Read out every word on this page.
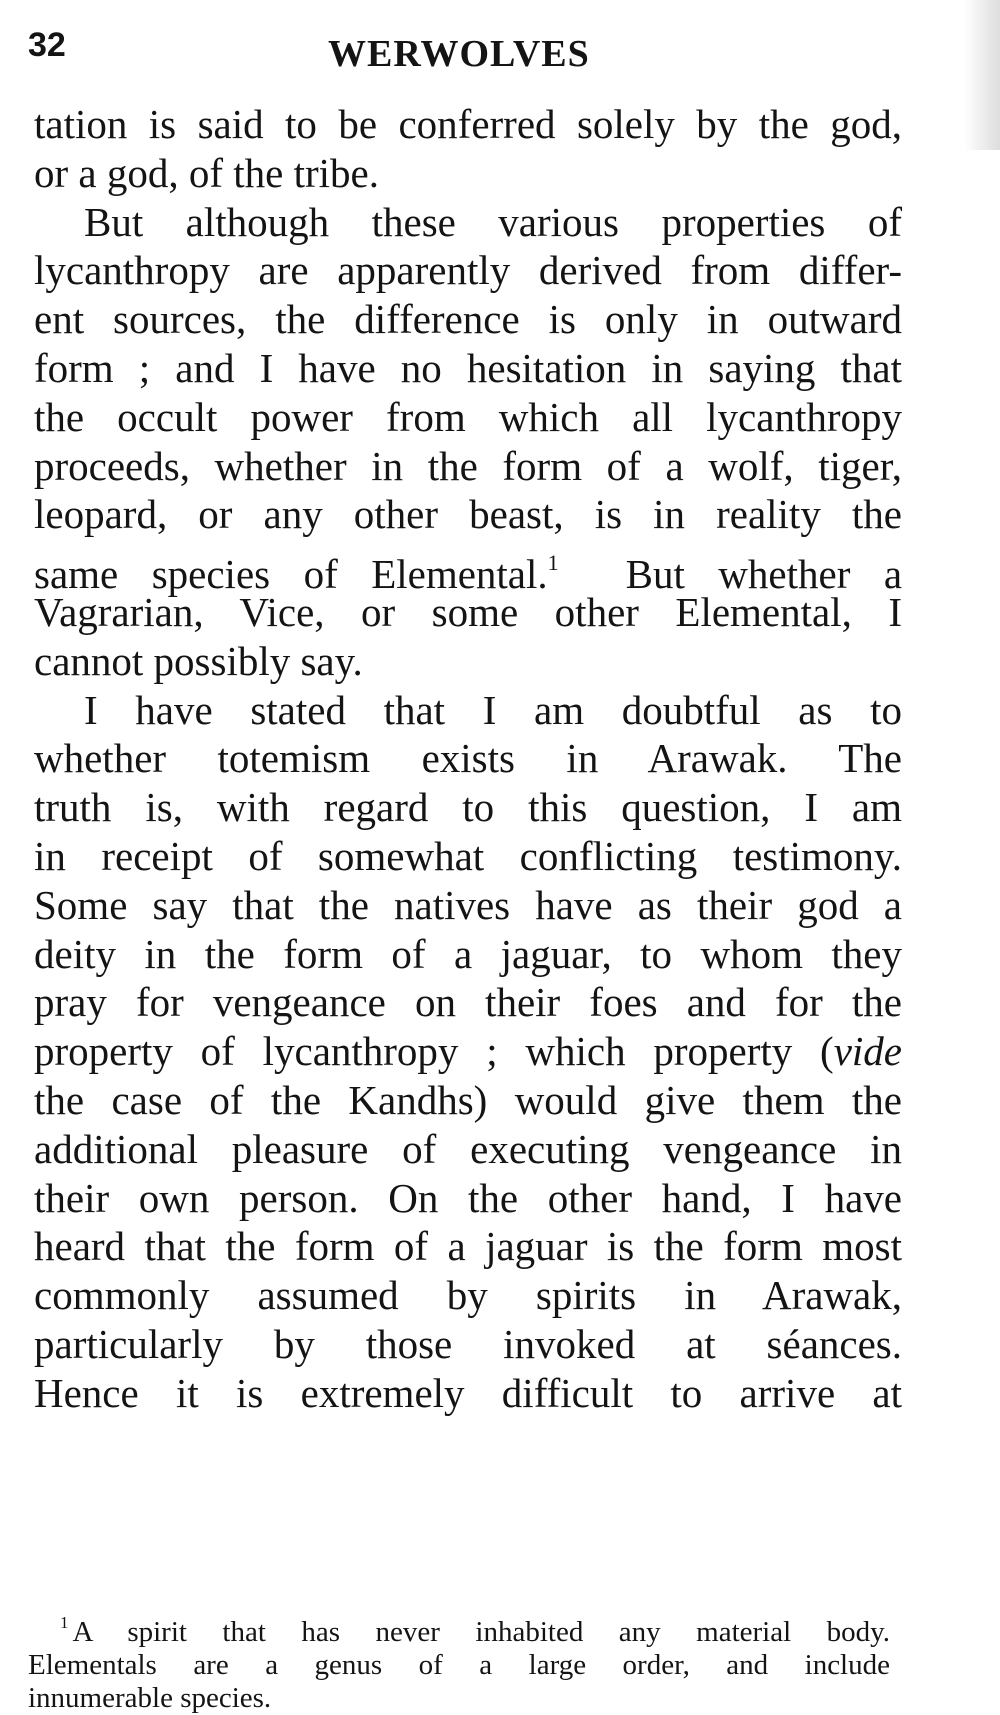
32	WERWOLVES
tation is said to be conferred solely by the god,
or a god, of the tribe.
But although these various properties of
lycanthropy are apparently derived from differ-
ent sources, the difference is only in outward
form ; and I have no hesitation in saying that
the occult power from which all lycanthropy
proceeds, whether in the form of a wolf, tiger,
leopard, or any other beast, is in reality the
same species of Elemental.$^1$ But whether a
Vagrarian, Vice, or some other Elemental, I
cannot possibly say.
I have stated that I am doubtful as to
whether totemism exists in Arawak. The
truth is, with regard to this question, I am
in receipt of somewhat conflicting testimony.
Some say that the natives have as their god a
deity in the form of a jaguar, to whom they
pray for vengeance on their foes and for the
property of lycanthropy ; which property (vide
the case of the Kandhs) would give them the
additional pleasure of executing vengeance in
their own person. On the other hand, I have
heard that the form of a jaguar is the form most
commonly assumed by spirits in Arawak,
particularly by those invoked at séances.
Hence it is extremely difficult to arrive at
$^1$ A spirit that has never inhabited any material body.
Elementals are a genus of a large order, and include
innumerable species.
